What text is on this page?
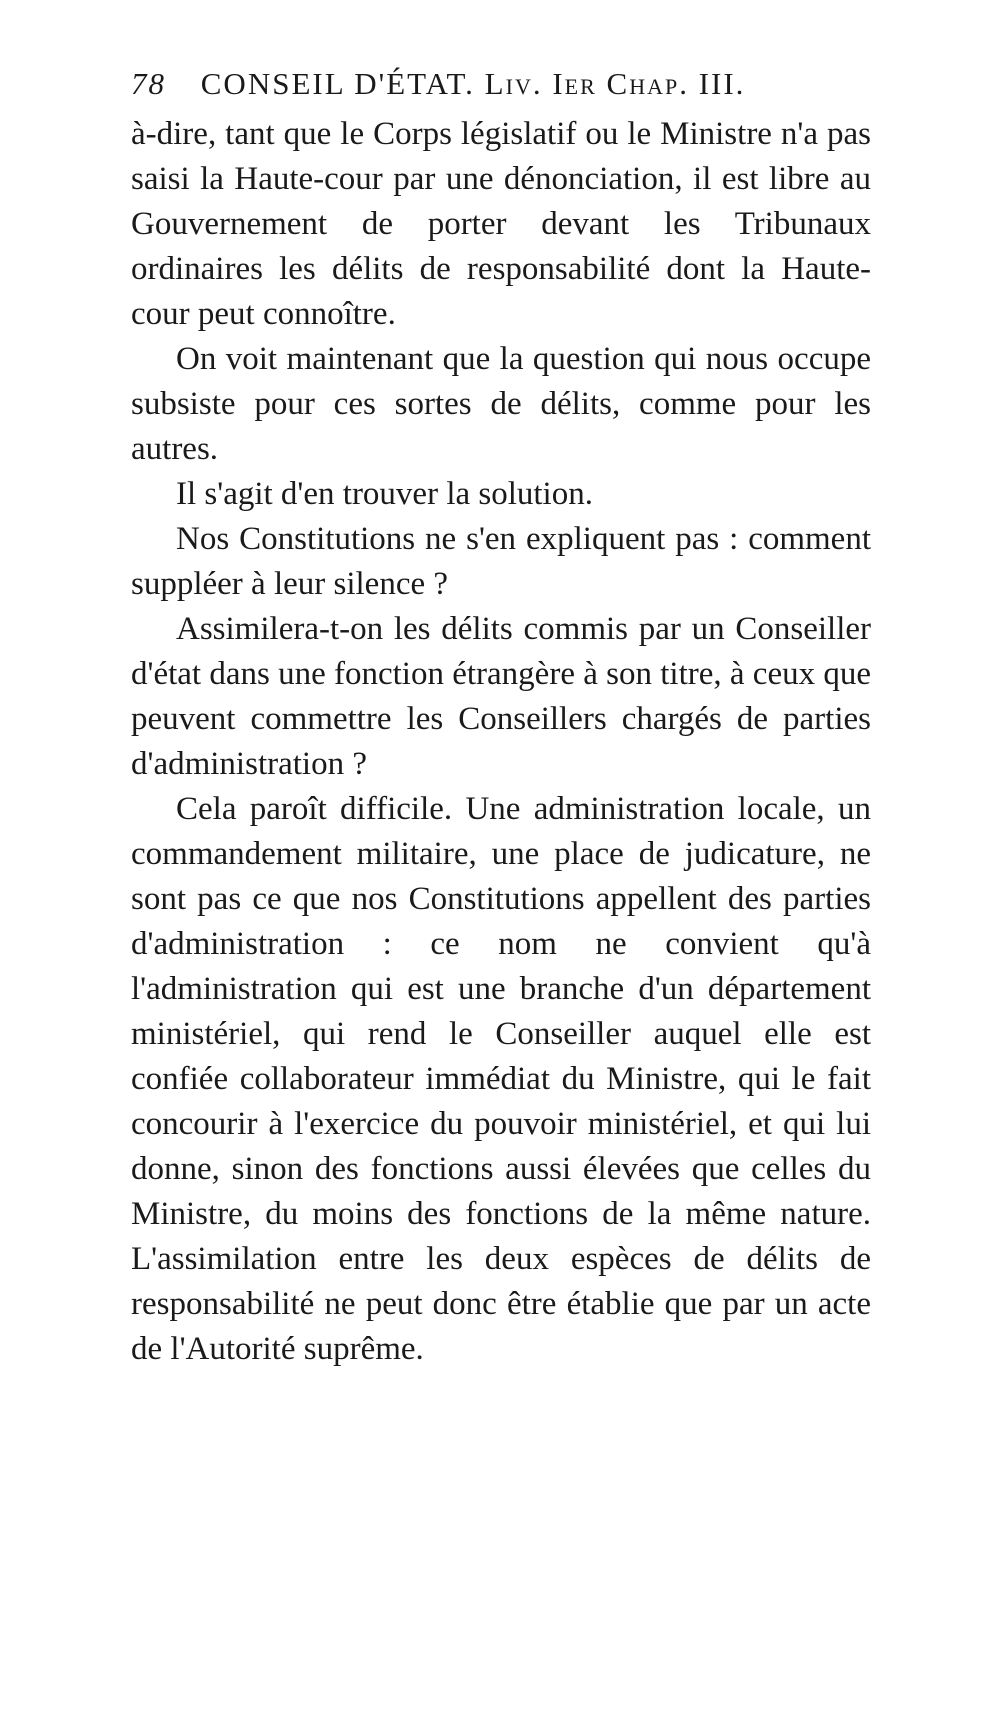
78 CONSEIL D'ÉTAT. Liv. Ier Chap. III.

à-dire, tant que le Corps législatif ou le Ministre n'a pas saisi la Haute-cour par une dénonciation, il est libre au Gouvernement de porter devant les Tribunaux ordinaires les délits de responsabilité dont la Haute-cour peut connoître.

On voit maintenant que la question qui nous occupe subsiste pour ces sortes de délits, comme pour les autres.

Il s'agit d'en trouver la solution.

Nos Constitutions ne s'en expliquent pas : comment suppléer à leur silence ?

Assimilera-t-on les délits commis par un Conseiller d'état dans une fonction étrangère à son titre, à ceux que peuvent commettre les Conseillers chargés de parties d'administration ?

Cela paroît difficile. Une administration locale, un commandement militaire, une place de judicature, ne sont pas ce que nos Constitutions appellent des parties d'administration : ce nom ne convient qu'à l'administration qui est une branche d'un département ministériel, qui rend le Conseiller auquel elle est confiée collaborateur immédiat du Ministre, qui le fait concourir à l'exercice du pouvoir ministériel, et qui lui donne, sinon des fonctions aussi élevées que celles du Ministre, du moins des fonctions de la même nature. L'assimilation entre les deux espèces de délits de responsabilité ne peut donc être établie que par un acte de l'Autorité suprême.
